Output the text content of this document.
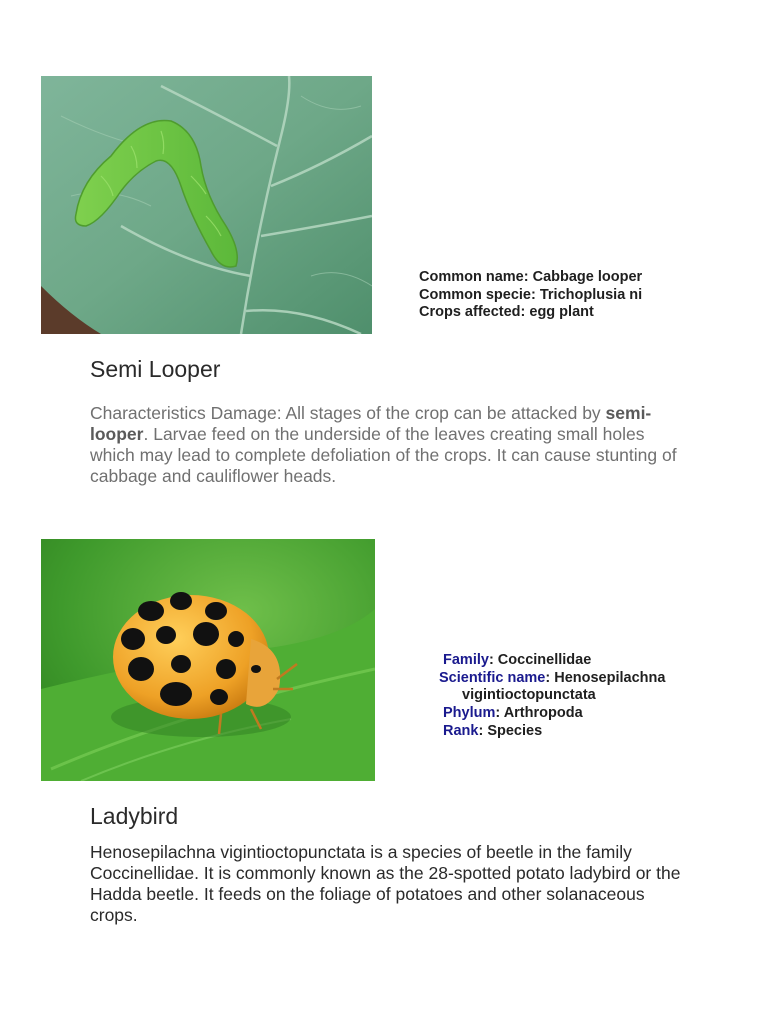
Common name: Cabbage looper
Common specie: Trichoplusia ni
Crops affected: egg plant
Semi Looper

Characteristics Damage: All stages of the crop can be attacked by semi-looper. Larvae feed on the underside of the leaves creating small holes which may lead to complete defoliation of the crops. It can cause stunting of cabbage and cauliflower heads.

Family: Coccinellidae
Scientific name: Henosepilachna
vigintioctopunctata
Phylum: Arthropoda
Rank: Species
Ladybird

Henosepilachna vigintioctopunctata is a species of beetle in the family Coccinellidae. It is commonly known as the 28-spotted potato ladybird or the Hadda beetle. It feeds on the foliage of potatoes and other solanaceous crops.
